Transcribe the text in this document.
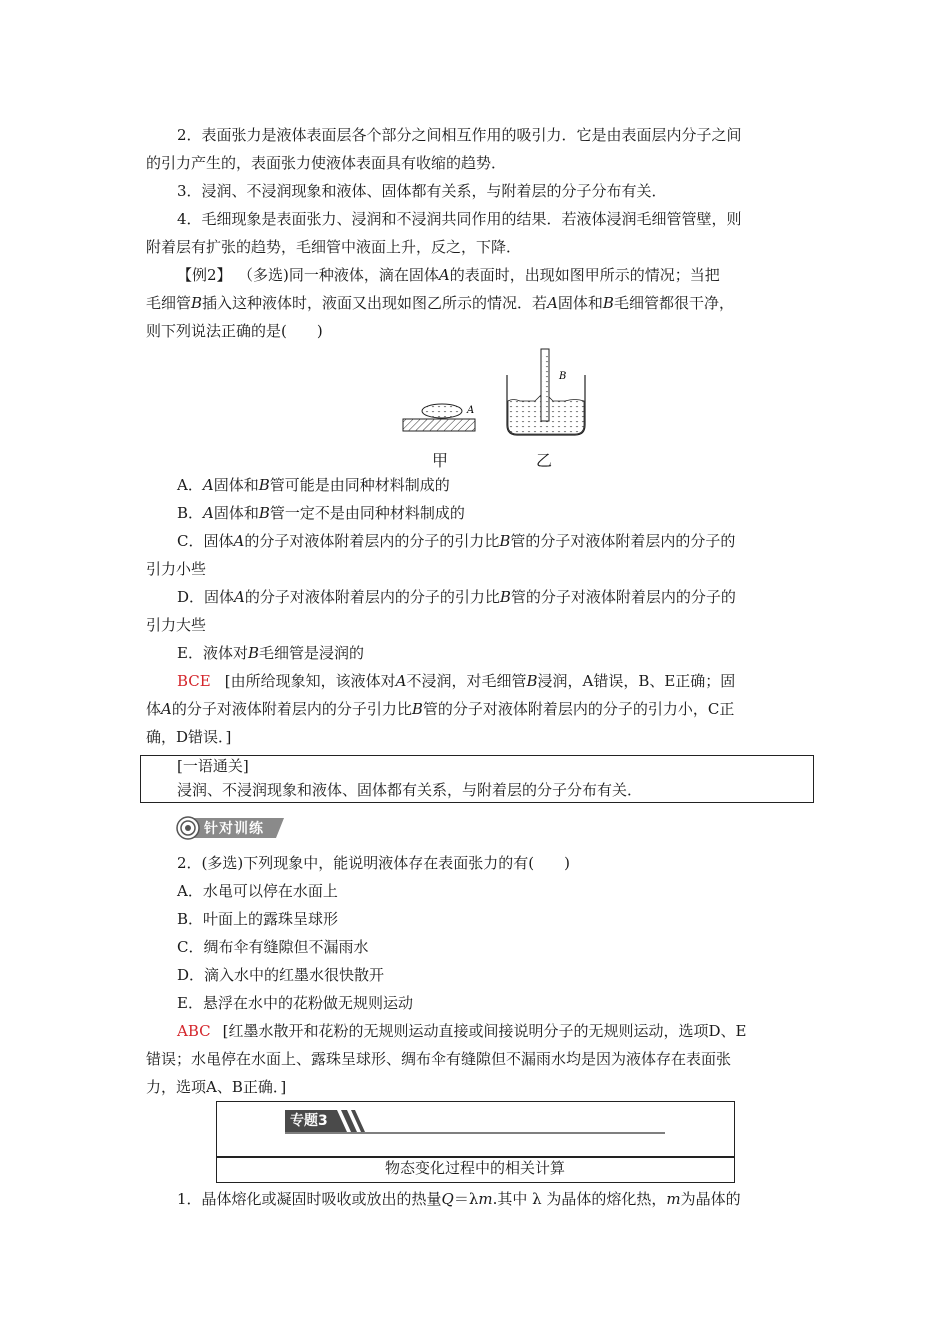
2．表面张力是液体表面层各个部分之间相互作用的吸引力．它是由表面层内分子之间
的引力产生的，表面张力使液体表面具有收缩的趋势．
3．浸润、不浸润现象和液体、固体都有关系，与附着层的分子分布有关．
4．毛细现象是表面张力、浸润和不浸润共同作用的结果．若液体浸润毛细管管壁，则
附着层有扩张的趋势，毛细管中液面上升，反之，下降．
【例2】 （多选)同一种液体，滴在固体A的表面时，出现如图甲所示的情况；当把
毛细管B插入这种液体时，液面又出现如图乙所示的情况．若A固体和B毛细管都很干净，
则下列说法正确的是(　　)
A
B
甲	乙
A．A固体和B管可能是由同种材料制成的
B．A固体和B管一定不是由同种材料制成的
C．固体A的分子对液体附着层内的分子的引力比B管的分子对液体附着层内的分子的
引力小些
D．固体A的分子对液体附着层内的分子的引力比B管的分子对液体附着层内的分子的
引力大些
E．液体对B毛细管是浸润的
BCE [由所给现象知，该液体对A不浸润，对毛细管B浸润，A错误，B、E正确；固
体A的分子对液体附着层内的分子引力比B管的分子对液体附着层内的分子的引力小，C正
确，D错误．]
[一语通关]
浸润、不浸润现象和液体、固体都有关系，与附着层的分子分布有关．
针对训练
2．(多选)下列现象中，能说明液体存在表面张力的有(　　)
A．水黾可以停在水面上
B．叶面上的露珠呈球形
C．绸布伞有缝隙但不漏雨水
D．滴入水中的红墨水很快散开
E．悬浮在水中的花粉做无规则运动
ABC [红墨水散开和花粉的无规则运动直接或间接说明分子的无规则运动，选项D、E
错误；水黾停在水面上、露珠呈球形、绸布伞有缝隙但不漏雨水均是因为液体存在表面张
力，选项A、B正确．]
专题3
物态变化过程中的相关计算
1．晶体熔化或凝固时吸收或放出的热量Q＝λm.其中 λ 为晶体的熔化热，m为晶体的
